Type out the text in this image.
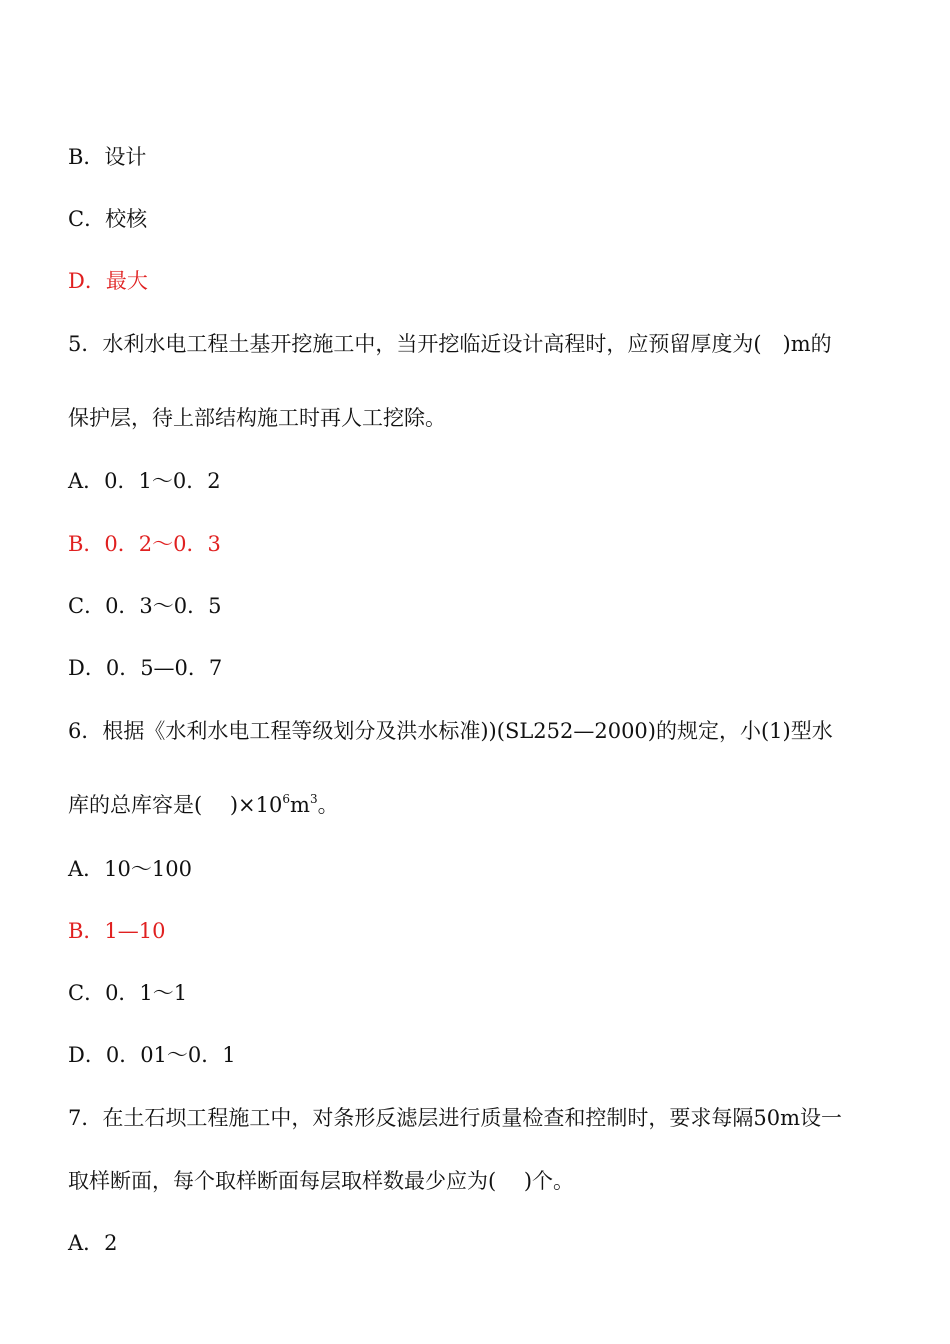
B．设计
C．校核
D．最大
5．水利水电工程土基开挖施工中，当开挖临近设计高程时，应预留厚度为(　)m的
保护层，待上部结构施工时再人工挖除。
A．0．1～0．2
B．0．2～0．3
C．0．3～0．5
D．0．5—0．7
6．根据《水利水电工程等级划分及洪水标准))(SL252—2000)的规定，小(1)型水
库的总库容是(　 )$\times 10^6m^3$。
A．10～100
B．1—10
C．0．1～1
D．0．01～0．1
7．在土石坝工程施工中，对条形反滤层进行质量检查和控制时，要求每隔50m设一
取样断面，每个取样断面每层取样数最少应为(　 )个。
A．2
